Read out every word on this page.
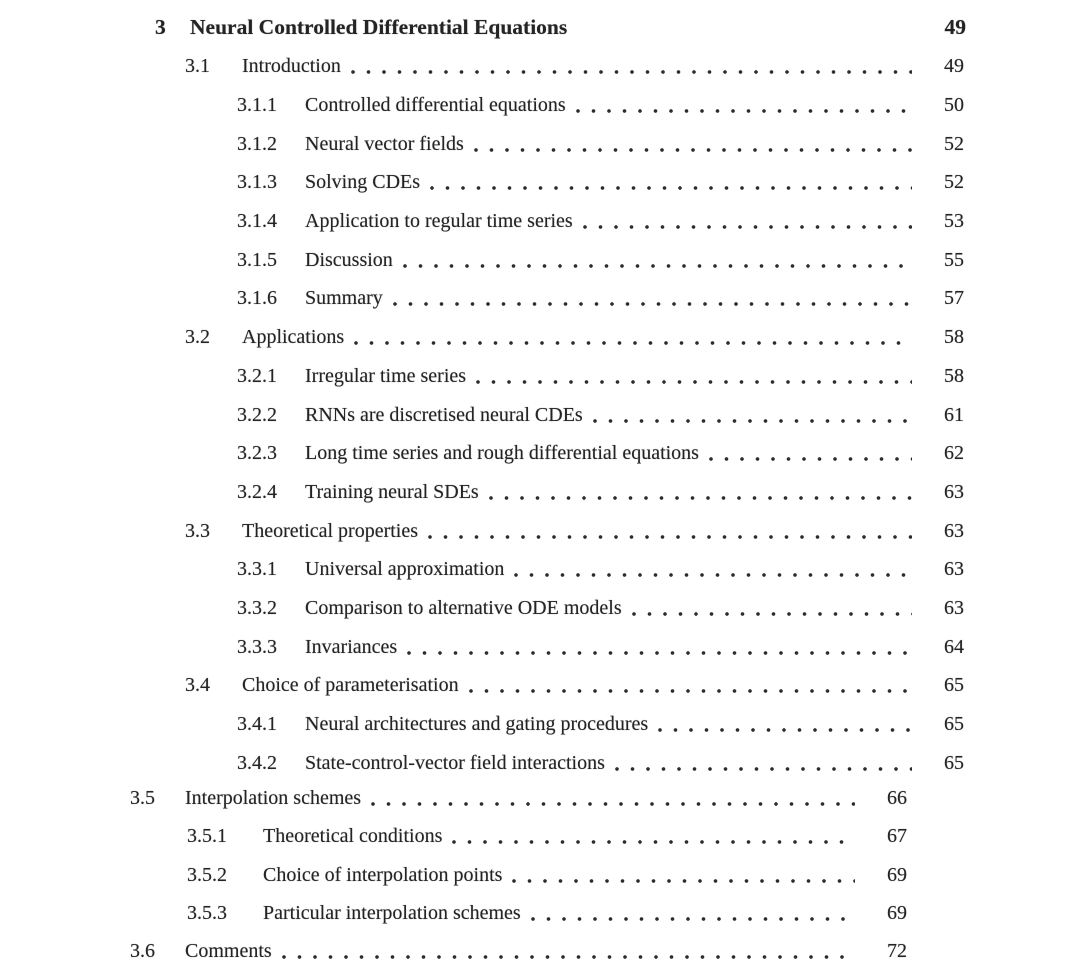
3	Neural Controlled Differential Equations	49
3.1	Introduction	49
3.1.1	Controlled differential equations	50
3.1.2	Neural vector fields	52
3.1.3	Solving CDEs	52
3.1.4	Application to regular time series	53
3.1.5	Discussion	55
3.1.6	Summary	57
3.2	Applications	58
3.2.1	Irregular time series	58
3.2.2	RNNs are discretised neural CDEs	61
3.2.3	Long time series and rough differential equations	62
3.2.4	Training neural SDEs	63
3.3	Theoretical properties	63
3.3.1	Universal approximation	63
3.3.2	Comparison to alternative ODE models	63
3.3.3	Invariances	64
3.4	Choice of parameterisation	65
3.4.1	Neural architectures and gating procedures	65
3.4.2	State-control-vector field interactions	65
3.5	Interpolation schemes	66
3.5.1	Theoretical conditions	67
3.5.2	Choice of interpolation points	69
3.5.3	Particular interpolation schemes	69
3.6	Comments	72
